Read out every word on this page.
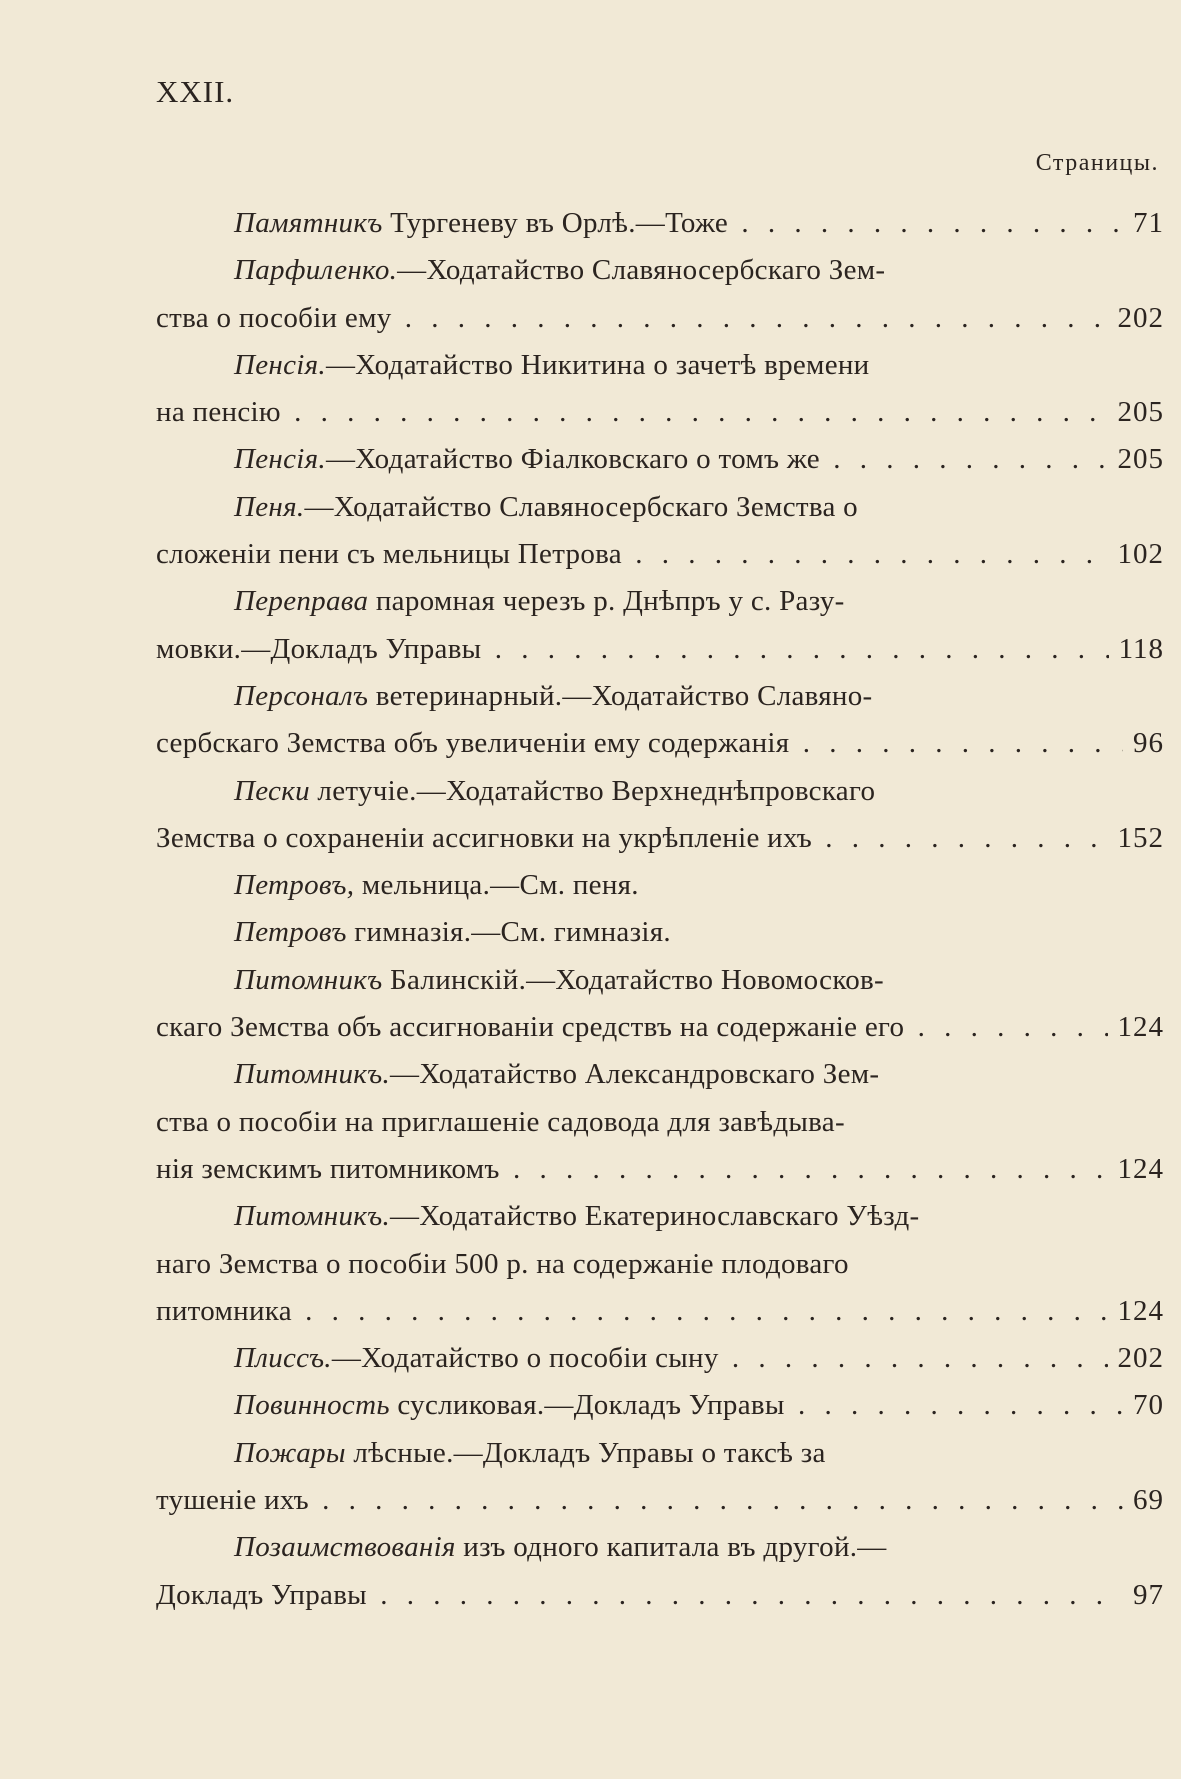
XXII.
Страницы.
Памятникъ Тургеневу въ Орлѣ.—Тоже . . .	71
Парфиленко.—Ходатайство Славяносербскаго Зем-
ства о пособіи ему . . .	202
Пенсія.—Ходатайство Никитина о зачетѣ времени
на пенсію . . .	205
Пенсія.—Ходатайство Фіалковскаго о томъ же . . .	205
Пеня.—Ходатайство Славяносербскаго Земства о
сложеніи пени съ мельницы Петрова . . .	102
Переправа паромная черезъ р. Днѣпръ у с. Разу-
мовки.—Докладъ Управы . . .	118
Персоналъ ветеринарный.—Ходатайство Славяно-
сербскаго Земства объ увеличеніи ему содержанія . . .	96
Пески летучіе.—Ходатайство Верхнеднѣпровскаго
Земства о сохраненіи ассигновки на укрѣпленіе ихъ . . .	152
Петровъ, мельница.—См. пеня.
Петровъ гимназія.—См. гимназія.
Питомникъ Балинскій.—Ходатайство Новомосков-
скаго Земства объ ассигнованіи средствъ на содержаніе его . . .	124
Питомникъ.—Ходатайство Александровскаго Зем-
ства о пособіи на приглашеніе садовода для завѣдыва-
нія земскимъ питомникомъ . . .	124
Питомникъ.—Ходатайство Екатеринославскаго Уѣзд-
наго Земства о пособіи 500 р. на содержаніе плодоваго
питомника . . .	124
Плиссъ.—Ходатайство о пособіи сыну . . .	202
Повинность сусликовая.—Докладъ Управы . . .	70
Пожары лѣсные.—Докладъ Управы о таксѣ за
тушеніе ихъ . . .	69
Позаимствованія изъ одного капитала въ другой.—
Докладъ Управы . . .	97
